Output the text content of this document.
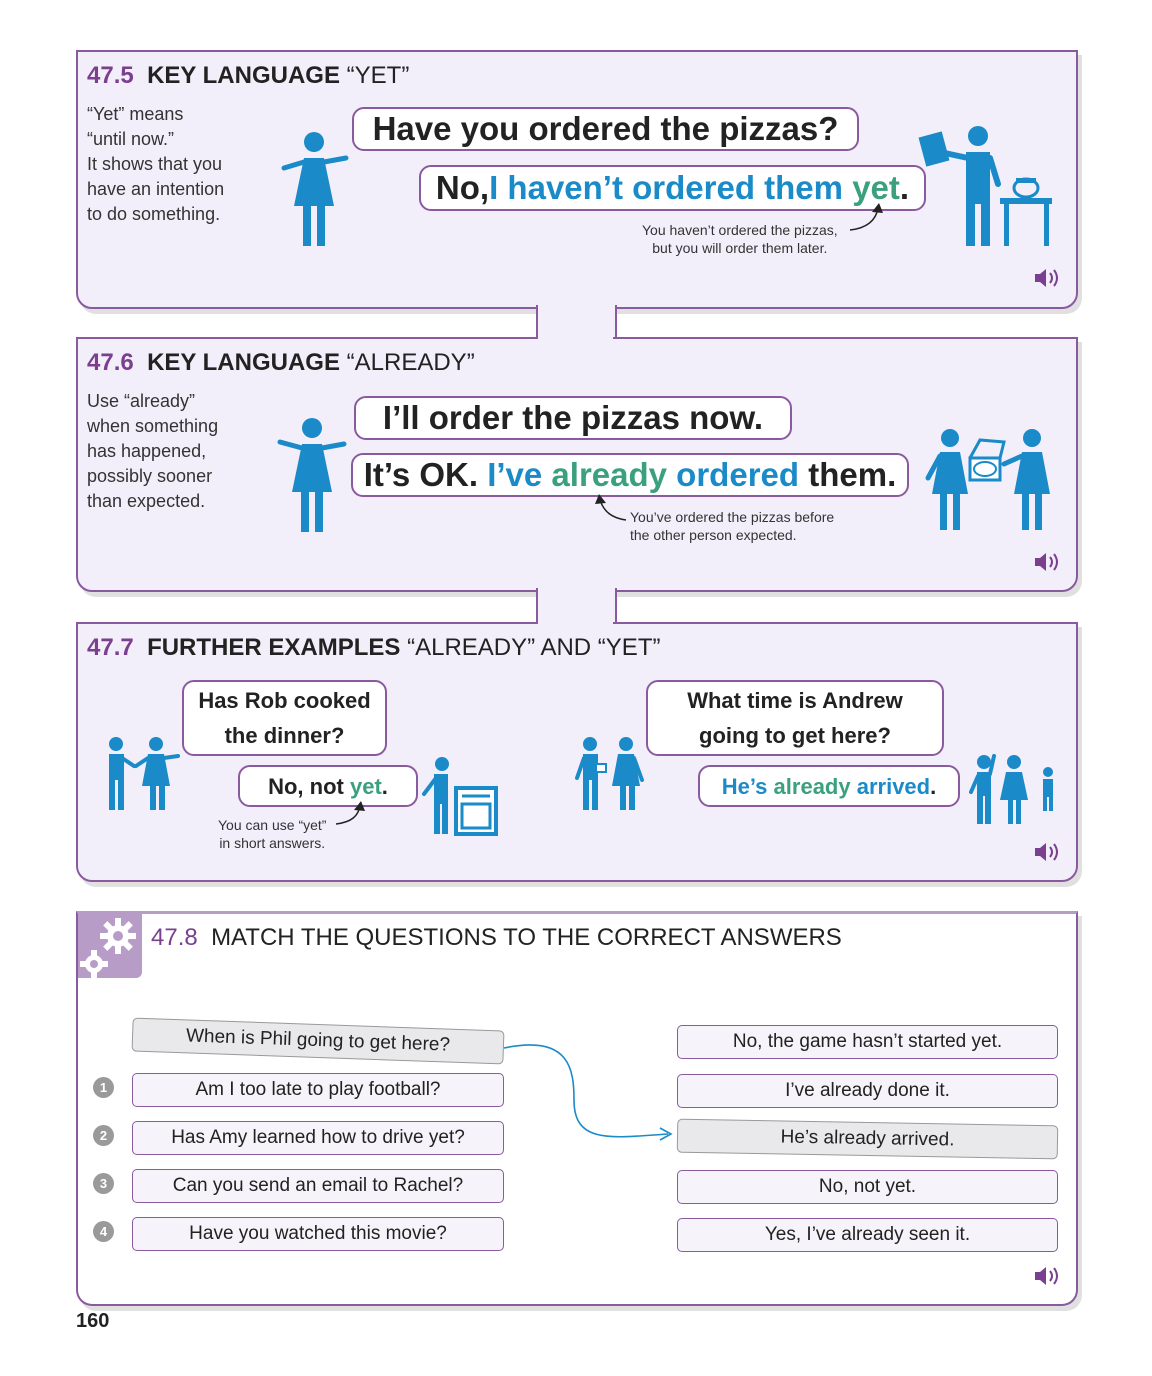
47.5 KEY LANGUAGE “YET”
“Yet” means
“until now.”
It shows that you
have an intention
to do something.
Have you ordered the pizzas?
No, I haven’t ordered them yet .
You haven’t ordered the pizzas,
but you will order them later.
47.6 KEY LANGUAGE “ALREADY”
Use “already”
when something
has happened,
possibly sooner
than expected.
I’ll order the pizzas now.
It’s OK. I’ve already ordered them.
You’ve ordered the pizzas before
the other person expected.
47.7 FURTHER EXAMPLES “ALREADY” AND “YET”
Has Rob cooked
the dinner?
No, not yet .
You can use “yet”
in short answers.
What time is Andrew
going to get here?
He’s already arrived .
47.8 MATCH THE QUESTIONS TO THE CORRECT ANSWERS
When is Phil going to get here?
1	Am I too late to play football?
2	Has Amy learned how to drive yet?
3	Can you send an email to Rachel?
4	Have you watched this movie?
No, the game hasn’t started yet.
I’ve already done it.
He’s already arrived.
No, not yet.
Yes, I’ve already seen it.
160
